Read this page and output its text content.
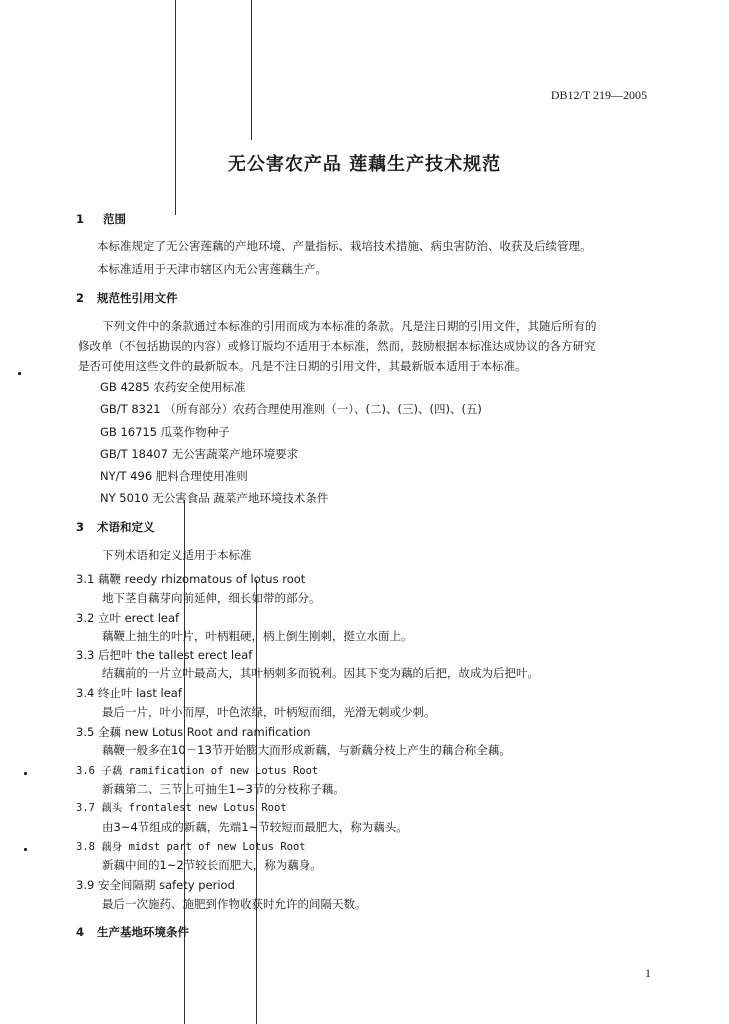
DB12/T 219—2005
无公害农产品 莲藕生产技术规范
1 范围
本标准规定了无公害莲藕的产地环境、产量指标、栽培技术措施、病虫害防治、收获及后续管理。
本标准适用于天津市辖区内无公害莲藕生产。
2 规范性引用文件
下列文件中的条款通过本标准的引用而成为本标准的条款。凡是注日期的引用文件，其随后所有的
修改单（不包括勘误的内容）或修订版均不适用于本标准，然而，鼓励根据本标准达成协议的各方研究
是否可使用这些文件的最新版本。凡是不注日期的引用文件，其最新版本适用于本标准。
GB 4285 农药安全使用标准
GB/T 8321 （所有部分）农药合理使用准则（一）、(二)、(三)、(四)、(五)
GB 16715 瓜菜作物种子
GB/T 18407 无公害蔬菜产地环境要求
NY/T 496 肥料合理使用准则
NY 5010 无公害食品 蔬菜产地环境技术条件
3 术语和定义
下列术语和定义适用于本标准
3.1 藕鞭 reedy rhizomatous of lotus root
地下茎自藕芽向前延伸，细长如带的部分。
3.2 立叶 erect leaf
藕鞭上抽生的叶片，叶柄粗硬，柄上倒生刚刺，挺立水面上。
3.3 后把叶 the tallest erect leaf
结藕前的一片立叶最高大，其叶柄刺多而锐利。因其下变为藕的后把，故成为后把叶。
3.4 终止叶 last leaf
最后一片，叶小而厚，叶色浓绿，叶柄短而细，光滑无刺或少刺。
3.5 全藕 new Lotus Root and ramification
藕鞭一般多在10－13节开始膨大而形成新藕，与新藕分枝上产生的藕合称全藕。
3.6 子藕 ramification of new Lotus Root
新藕第二、三节上可抽生1~3节的分枝称子藕。
3.7 藕头 frontalest new Lotus Root
由3~4节组成的新藕，先端1~节较短而最肥大，称为藕头。
3.8 藕身 midst part of new Lotus Root
新藕中间的1~2节较长而肥大，称为藕身。
3.9 安全间隔期 safety period
最后一次施药、施肥到作物收获时允许的间隔天数。
4 生产基地环境条件
1
